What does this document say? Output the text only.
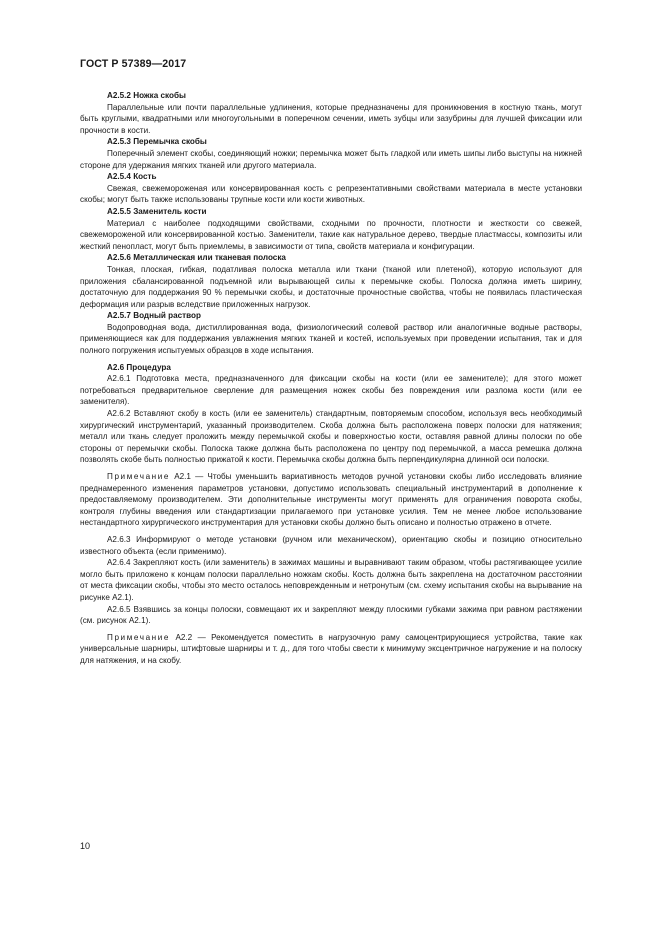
ГОСТ Р 57389—2017

А2.5.2 Ножка скобы

Параллельные или почти параллельные удлинения, которые предназначены для проникновения в костную ткань, могут быть круглыми, квадратными или многоугольными в поперечном сечении, иметь зубцы или зазубрины для лучшей фиксации или прочности в кости.

А2.5.3 Перемычка скобы

Поперечный элемент скобы, соединяющий ножки; перемычка может быть гладкой или иметь шипы либо выступы на нижней стороне для удержания мягких тканей или другого материала.

А2.5.4 Кость

Свежая, свежемороженая или консервированная кость с репрезентативными свойствами материала в месте установки скобы; могут быть также использованы трупные кости или кости животных.

А2.5.5 Заменитель кости

Материал с наиболее подходящими свойствами, сходными по прочности, плотности и жесткости со свежей, свежемороженой или консервированной костью. Заменители, такие как натуральное дерево, твердые пластмассы, композиты или жесткий пенопласт, могут быть приемлемы, в зависимости от типа, свойств материала и конфигурации.

А2.5.6 Металлическая или тканевая полоска

Тонкая, плоская, гибкая, податливая полоска металла или ткани (тканой или плетеной), которую используют для приложения сбалансированной подъемной или вырывающей силы к перемычке скобы. Полоска должна иметь ширину, достаточную для поддержания 90 % перемычки скобы, и достаточные прочностные свойства, чтобы не появилась пластическая деформация или разрыв вследствие приложенных нагрузок.

А2.5.7 Водный раствор

Водопроводная вода, дистиллированная вода, физиологический солевой раствор или аналогичные водные растворы, применяющиеся как для поддержания увлажнения мягких тканей и костей, используемых при проведении испытания, так и для полного погружения испытуемых образцов в ходе испытания.

А2.6 Процедура

А2.6.1 Подготовка места, предназначенного для фиксации скобы на кости (или ее заменителе); для этого может потребоваться предварительное сверление для размещения ножек скобы без повреждения или разлома кости (или ее заменителя).

А2.6.2 Вставляют скобу в кость (или ее заменитель) стандартным, повторяемым способом, используя весь необходимый хирургический инструментарий, указанный производителем. Скоба должна быть расположена поверх полоски для натяжения; металл или ткань следует проложить между перемычкой скобы и поверхностью кости, оставляя равной длины полоски по обе стороны от перемычки скобы. Полоска также должна быть расположена по центру под перемычкой, а масса ремешка должна позволять скобе быть полностью прижатой к кости. Перемычка скобы должна быть перпендикулярна длинной оси полоски.

Примечание А2.1 — Чтобы уменьшить вариативность методов ручной установки скобы либо исследовать влияние преднамеренного изменения параметров установки, допустимо использовать специальный инструментарий в дополнение к предоставляемому производителем. Эти дополнительные инструменты могут применять для ограничения поворота скобы, контроля глубины введения или стандартизации прилагаемого при установке усилия. Тем не менее любое использование нестандартного хирургического инструментария для установки скобы должно быть описано и полностью отражено в отчете.

А2.6.3 Информируют о методе установки (ручном или механическом), ориентацию скобы и позицию относительно известного объекта (если применимо).

А2.6.4 Закрепляют кость (или заменитель) в зажимах машины и выравнивают таким образом, чтобы растягивающее усилие могло быть приложено к концам полоски параллельно ножкам скобы. Кость должна быть закреплена на достаточном расстоянии от места фиксации скобы, чтобы это место осталось неповрежденным и нетронутым (см. схему испытания скобы на вырывание на рисунке А2.1).

А2.6.5 Взявшись за концы полоски, совмещают их и закрепляют между плоскими губками зажима при равном растяжении (см. рисунок А2.1).

Примечание А2.2 — Рекомендуется поместить в нагрузочную раму самоцентрирующиеся устройства, такие как универсальные шарниры, штифтовые шарниры и т. д., для того чтобы свести к минимуму эксцентричное нагружение и на полоску для натяжения, и на скобу.

10
